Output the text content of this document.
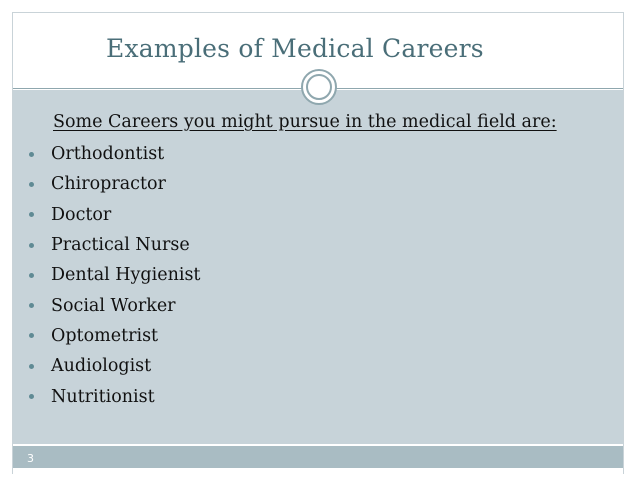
Examples of Medical Careers
Some Careers you might pursue in the medical field are:
Orthodontist
Chiropractor
Doctor
Practical Nurse
Dental Hygienist
Social Worker
Optometrist
Audiologist
Nutritionist
3
